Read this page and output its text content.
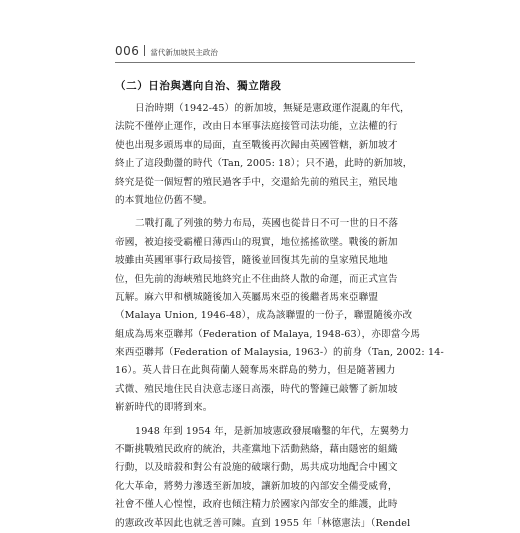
006 當代新加坡民主政治
（二）日治與邁向自治、獨立階段
日治時期（1942-45）的新加坡，無疑是憲政運作混亂的年代，
法院不僅停止運作，改由日本軍事法庭接管司法功能，立法權的行
使也出現多頭馬車的局面，直至戰後再次歸由英國管轄，新加坡才
終止了這段動盪的時代（Tan, 2005: 18）；只不過，此時的新加坡，
終究是從一個短暫的殖民過客手中，交還給先前的殖民主，殖民地
的本質地位仍舊不變。
二戰打亂了列強的勢力布局，英國也從昔日不可一世的日不落
帝國，被迫接受霸權日薄西山的現實，地位搖搖欲墜。戰後的新加
坡雖由英國軍事行政局接管，隨後並回復其先前的皇家殖民地地
位，但先前的海峽殖民地終究止不住曲終人散的命運，而正式宣告
瓦解。麻六甲和檳城隨後加入英屬馬來亞的後繼者馬來亞聯盟
（Malaya Union, 1946-48），成為該聯盟的一份子，聯盟隨後亦改
組成為馬來亞聯邦（Federation of Malaya, 1948-63），亦即當今馬
來西亞聯邦（Federation of Malaysia, 1963-）的前身（Tan, 2002: 14-
16）。英人昔日在此與荷蘭人競奪馬來群島的勢力，但是隨著國力
式微、殖民地住民自決意志逐日高漲，時代的警鐘已敲響了新加坡
嶄新時代的即將到來。
1948 年到 1954 年，是新加坡憲政發展嚙鑿的年代，左翼勢力
不斷挑戰殖民政府的統治，共產黨地下活動熱絡，藉由隱密的組織
行動，以及暗殺和對公有設施的破壞行動，馬共成功地配合中國文
化大革命，將勢力滲透至新加坡，讓新加坡的內部安全備受威脅，
社會不僅人心惶惶，政府也傾注精力於國家內部安全的維護，此時
的憲政改革因此也就乏善可陳。直到 1955 年「林德憲法」（Rendel
